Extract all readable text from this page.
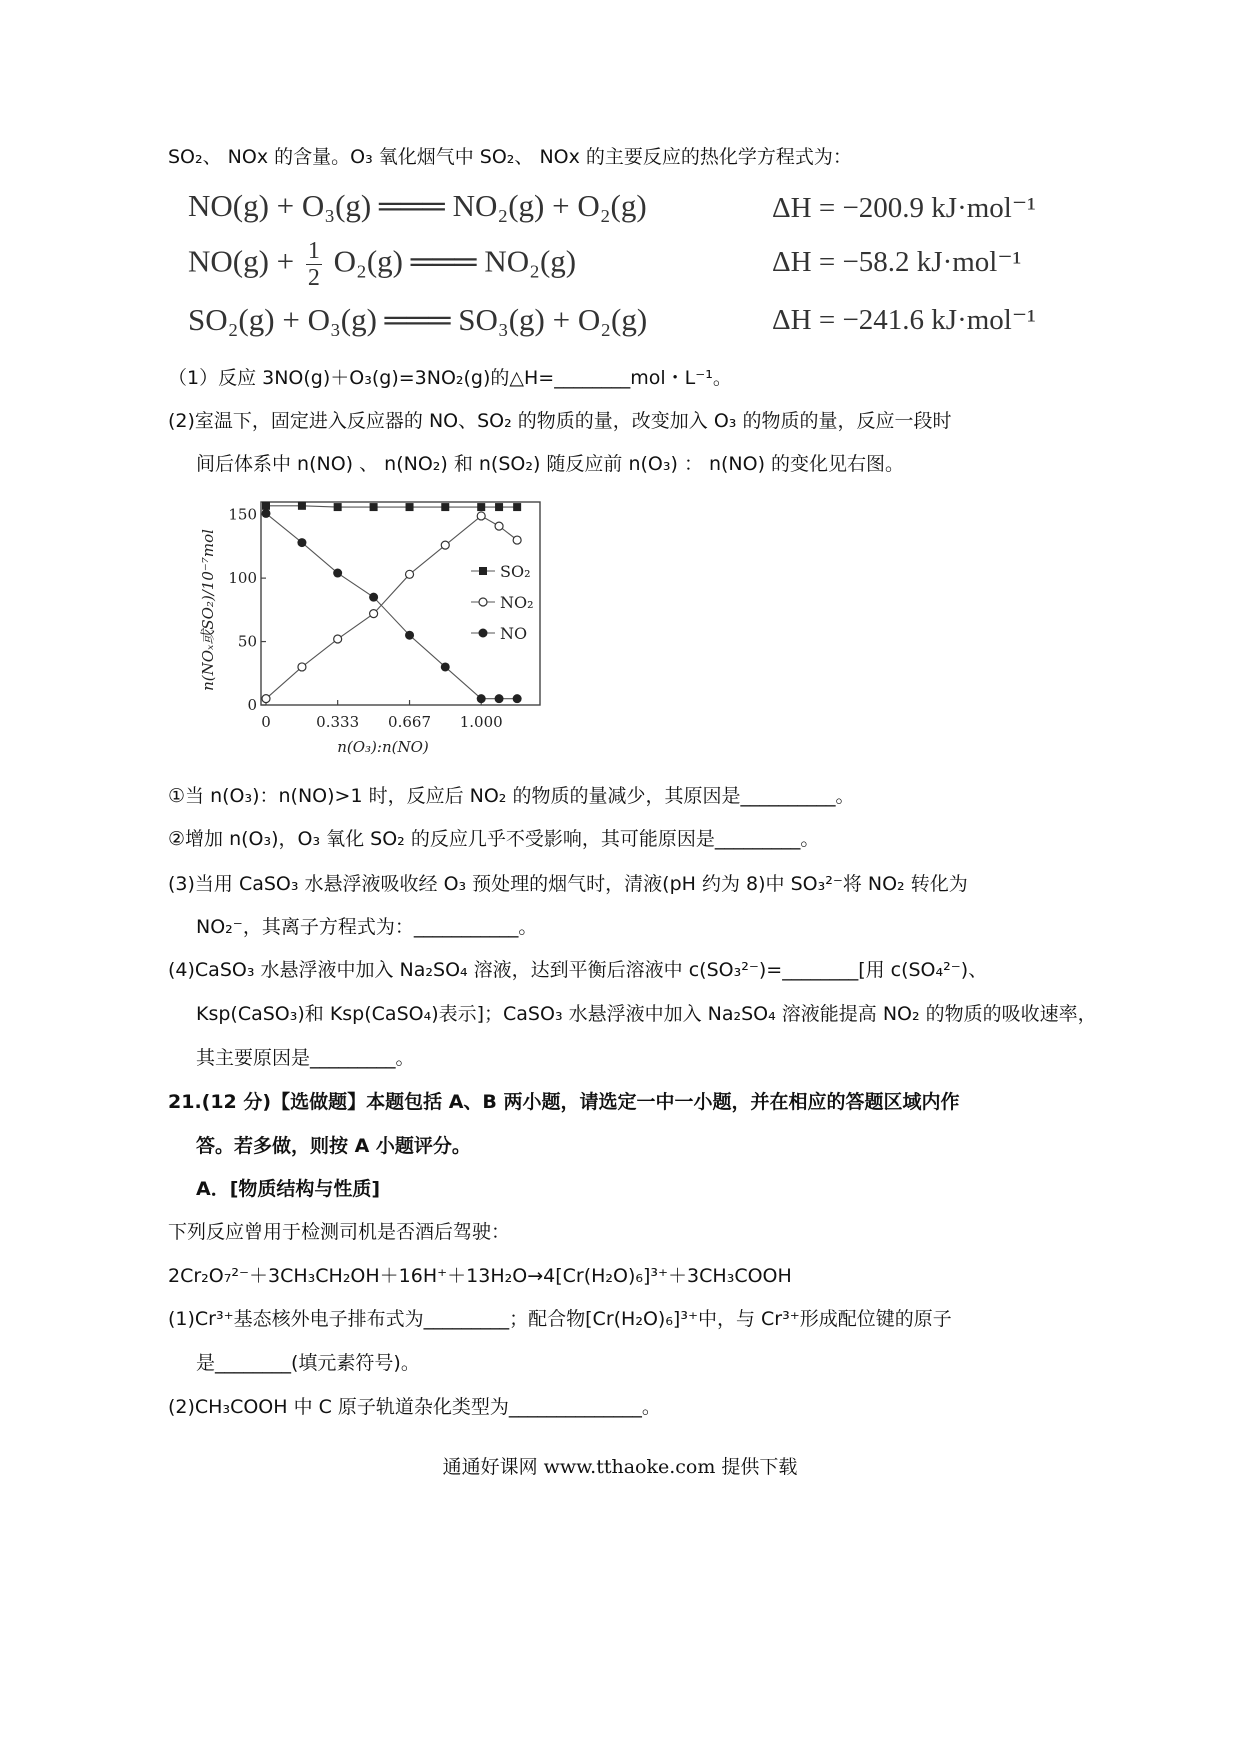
SO₂、 NOx 的含量。O₃ 氧化烟气中 SO₂、 NOx 的主要反应的热化学方程式为：
NO(g) + O₃(g) ═══ NO₂(g) + O₂(g)	ΔH = −200.9 kJ·mol⁻¹
$NO(g) + \frac{1}{2} O_2(g)$ ═══ NO₂(g)	ΔH = −58.2 kJ·mol⁻¹
SO₂(g) + O₃(g) ═══ SO₃(g) + O₂(g)	ΔH = −241.6 kJ·mol⁻¹
（1）反应 3NO(g)＋O₃(g)=3NO₂(g)的△H=________mol・L⁻¹。
(2)室温下，固定进入反应器的 NO、SO₂ 的物质的量，改变加入 O₃ 的物质的量，反应一段时
间后体系中 n(NO) 、 n(NO₂) 和 n(SO₂) 随反应前 n(O₃) ： n(NO) 的变化见右图。
n(NOₓ或SO₂)/10⁻⁷mol
0
50
100
150
0	0.333 0.667 1.000
SO₂
NO₂
NO
n(O₃):n(NO)
①当 n(O₃)：n(NO)>1 时，反应后 NO₂ 的物质的量减少，其原因是__________。
②增加 n(O₃)，O₃ 氧化 SO₂ 的反应几乎不受影响，其可能原因是_________。
(3)当用 CaSO₃ 水悬浮液吸收经 O₃ 预处理的烟气时，清液(pH 约为 8)中 SO₃²⁻将 NO₂ 转化为
NO₂⁻，其离子方程式为：___________。
(4)CaSO₃ 水悬浮液中加入 Na₂SO₄ 溶液，达到平衡后溶液中 c(SO₃²⁻)=________[用 c(SO₄²⁻)、
Ksp(CaSO₃)和 Ksp(CaSO₄)表示]；CaSO₃ 水悬浮液中加入 Na₂SO₄ 溶液能提高 NO₂ 的物质的吸收速率，
其主要原因是_________。
21.(12 分)【选做题】本题包括 A、B 两小题，请选定一中一小题，并在相应的答题区域内作
答。若多做，则按 A 小题评分。
A．[物质结构与性质]
下列反应曾用于检测司机是否酒后驾驶：
2Cr₂O₇²⁻＋3CH₃CH₂OH＋16H⁺＋13H₂O→4[Cr(H₂O)₆]³⁺＋3CH₃COOH
(1)Cr³⁺基态核外电子排布式为_________；配合物[Cr(H₂O)₆]³⁺中，与 Cr³⁺形成配位键的原子
是________(填元素符号)。
(2)CH₃COOH 中 C 原子轨道杂化类型为______________。
通通好课网 www.tthaoke.com 提供下载
